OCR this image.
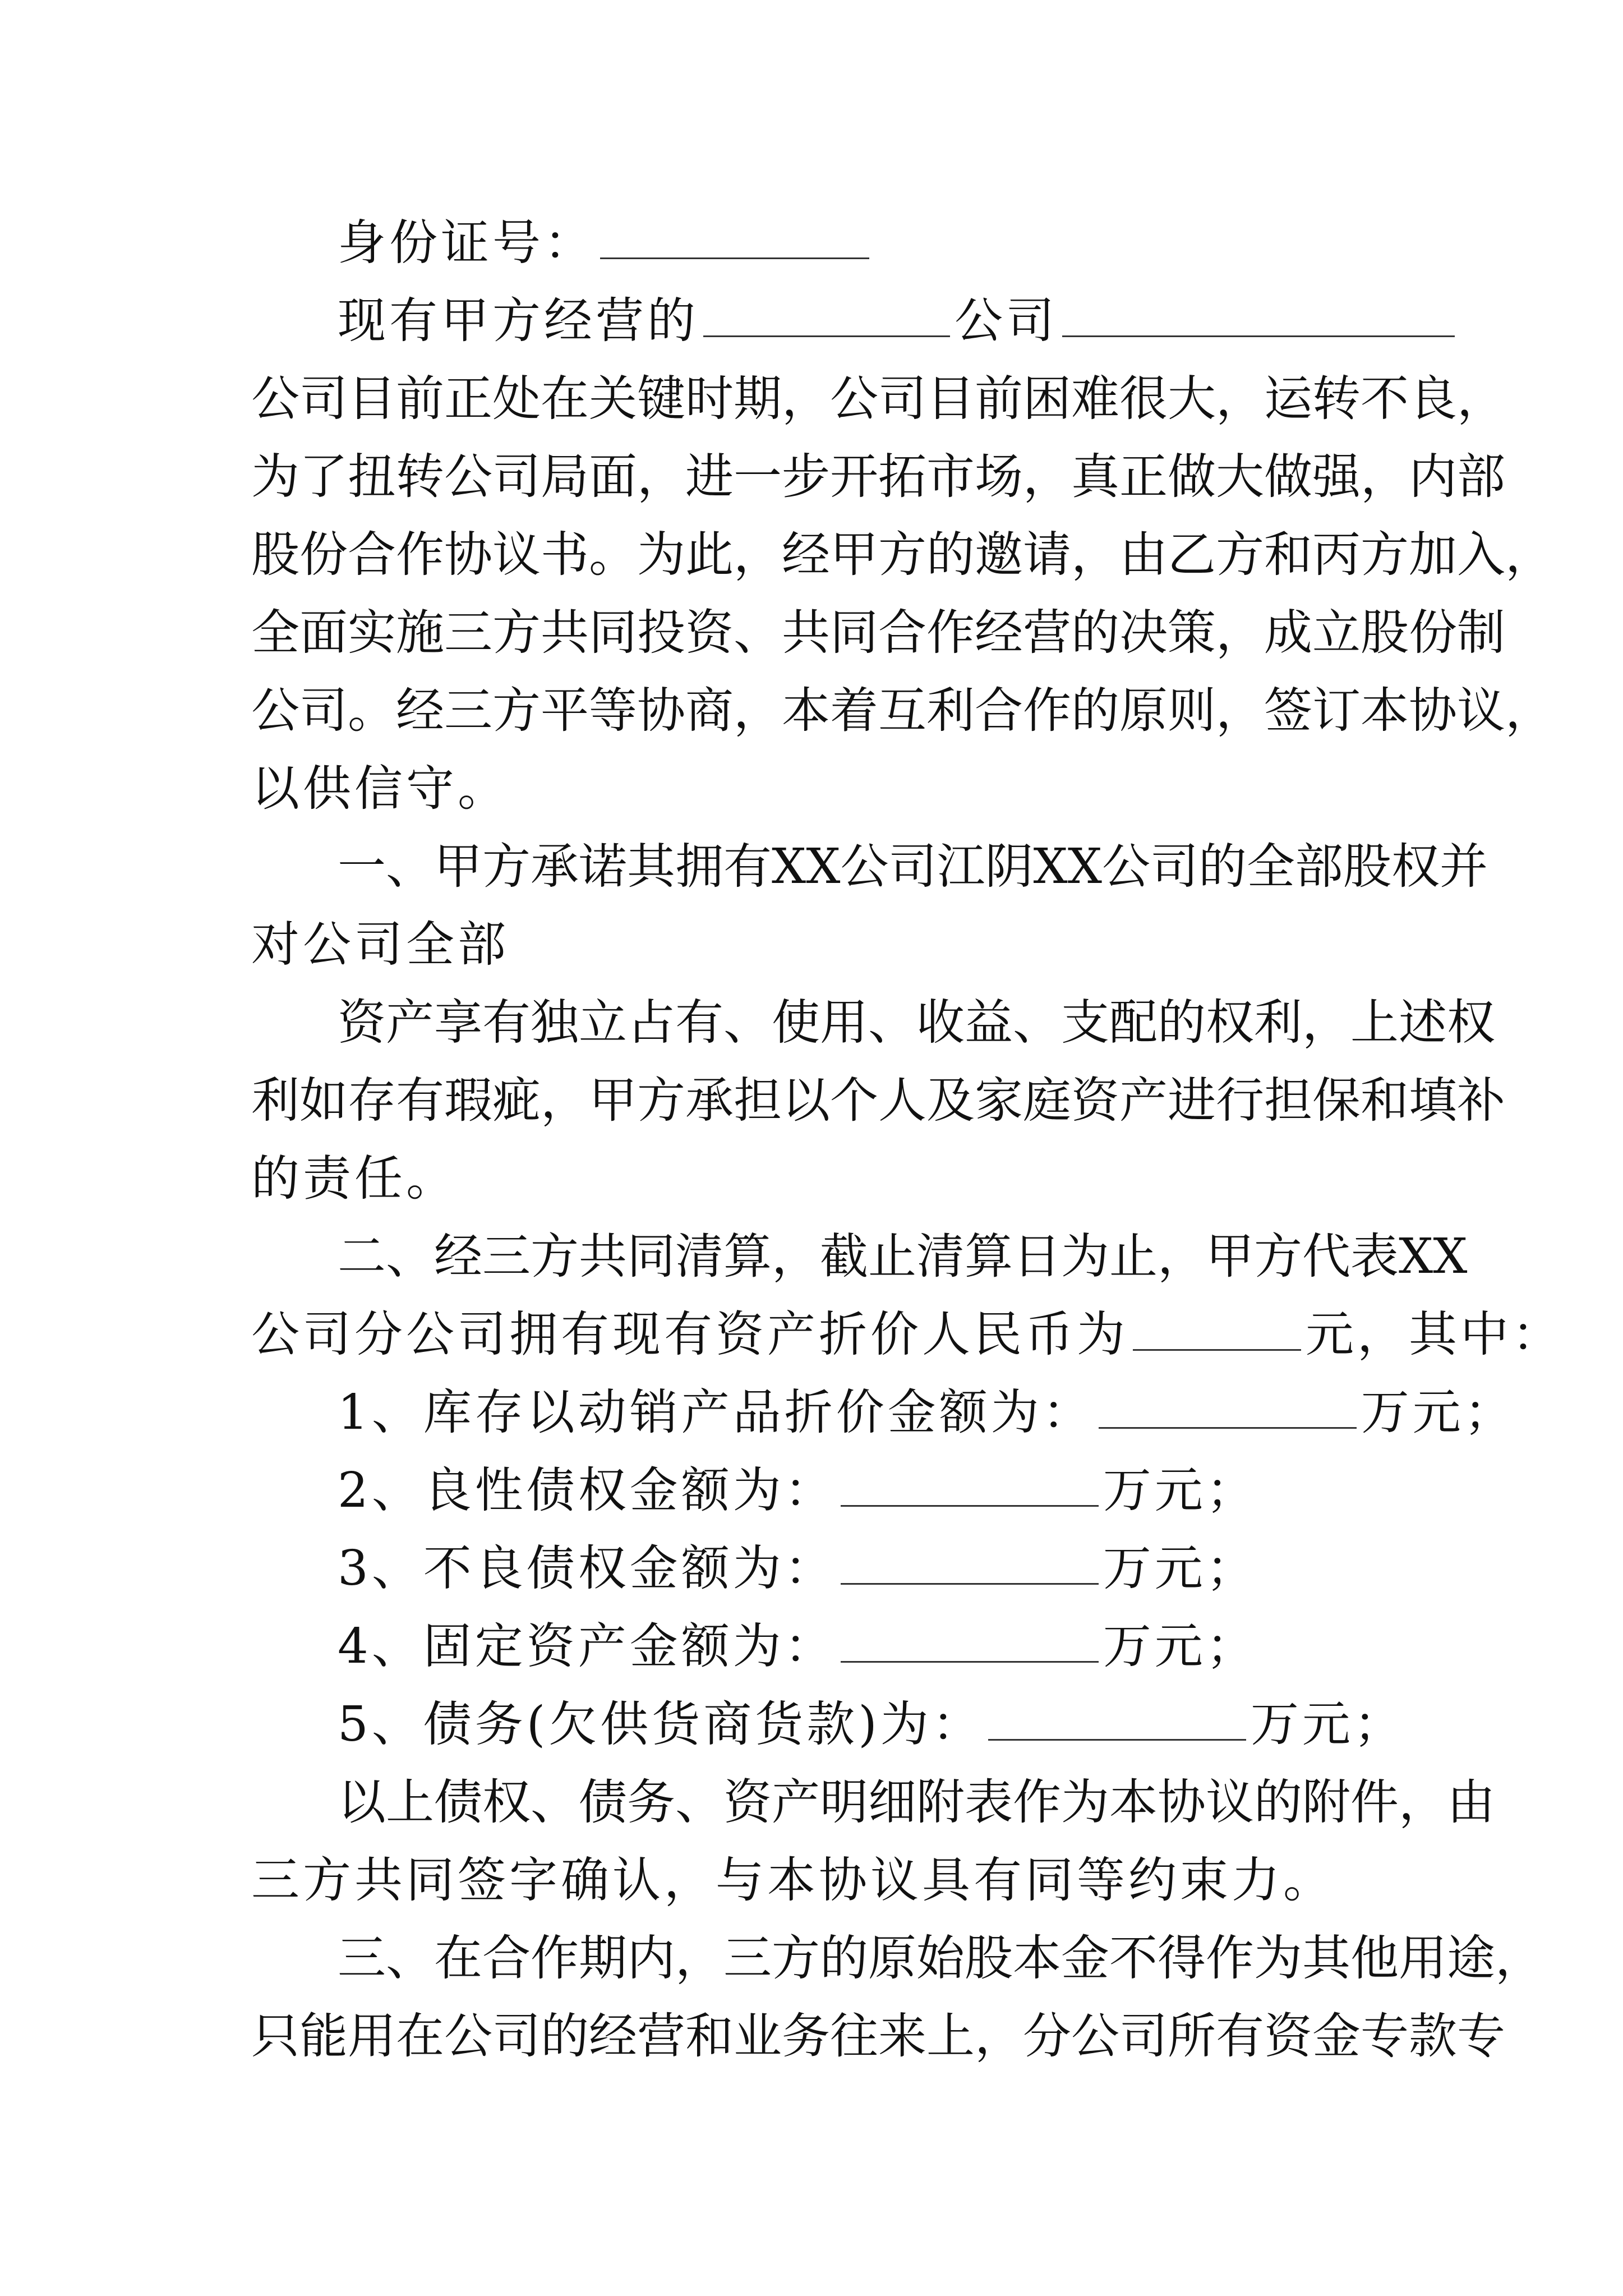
身份证号：
现有甲方经营的	公司
公 司 目 前 正 处 在 关 键 时 期 ， 公 司 目 前 困 难 很 大 ， 运 转 不 良 ，
为 了 扭 转 公 司 局 面 ， 进 一 步 开 拓 市 场 ， 真 正 做 大 做 强 ， 内 部
股 份 合 作 协 议 书 。 为 此 ， 经 甲 方 的 邀 请 ， 由 乙 方 和 丙 方 加 入 ，
全 面 实 施 三 方 共 同 投 资 、 共 同 合 作 经 营 的 决 策 ， 成 立 股 份 制
公 司 。 经 三 方 平 等 协 商 ， 本 着 互 利 合 作 的 原 则 ， 签 订 本 协 议 ，
以供信守。
一 、 甲 方 承 诺 其 拥 有 X X 公 司 江 阴 X X 公 司 的 全 部 股 权 并
对公司全部
资 产 享 有 独 立 占 有 、 使 用 、 收 益 、 支 配 的 权 利 ， 上 述 权
利 如 存 有 瑕 疵 ， 甲 方 承 担 以 个 人 及 家 庭 资 产 进 行 担 保 和 填 补
的责任。
二 、 经 三 方 共 同 清 算 ， 截 止 清 算 日 为 止 ， 甲 方 代 表 X X
公司分公司拥有现有资产折价人民币为	元，其中：
1、库存以动销产品折价金额为：	万元；
2、良性债权金额为：	万元；
3、不良债权金额为：	万元；
4、固定资产金额为：	万元；
5、债务(欠供货商货款)为：	万元；
以 上 债 权 、 债 务 、 资 产 明 细 附 表 作 为 本 协 议 的 附 件 ， 由
三方共同签字确认，与本协议具有同等约束力。
三 、 在 合 作 期 内 ， 三 方 的 原 始 股 本 金 不 得 作 为 其 他 用 途 ，
只 能 用 在 公 司 的 经 营 和 业 务 往 来 上 ， 分 公 司 所 有 资 金 专 款 专
